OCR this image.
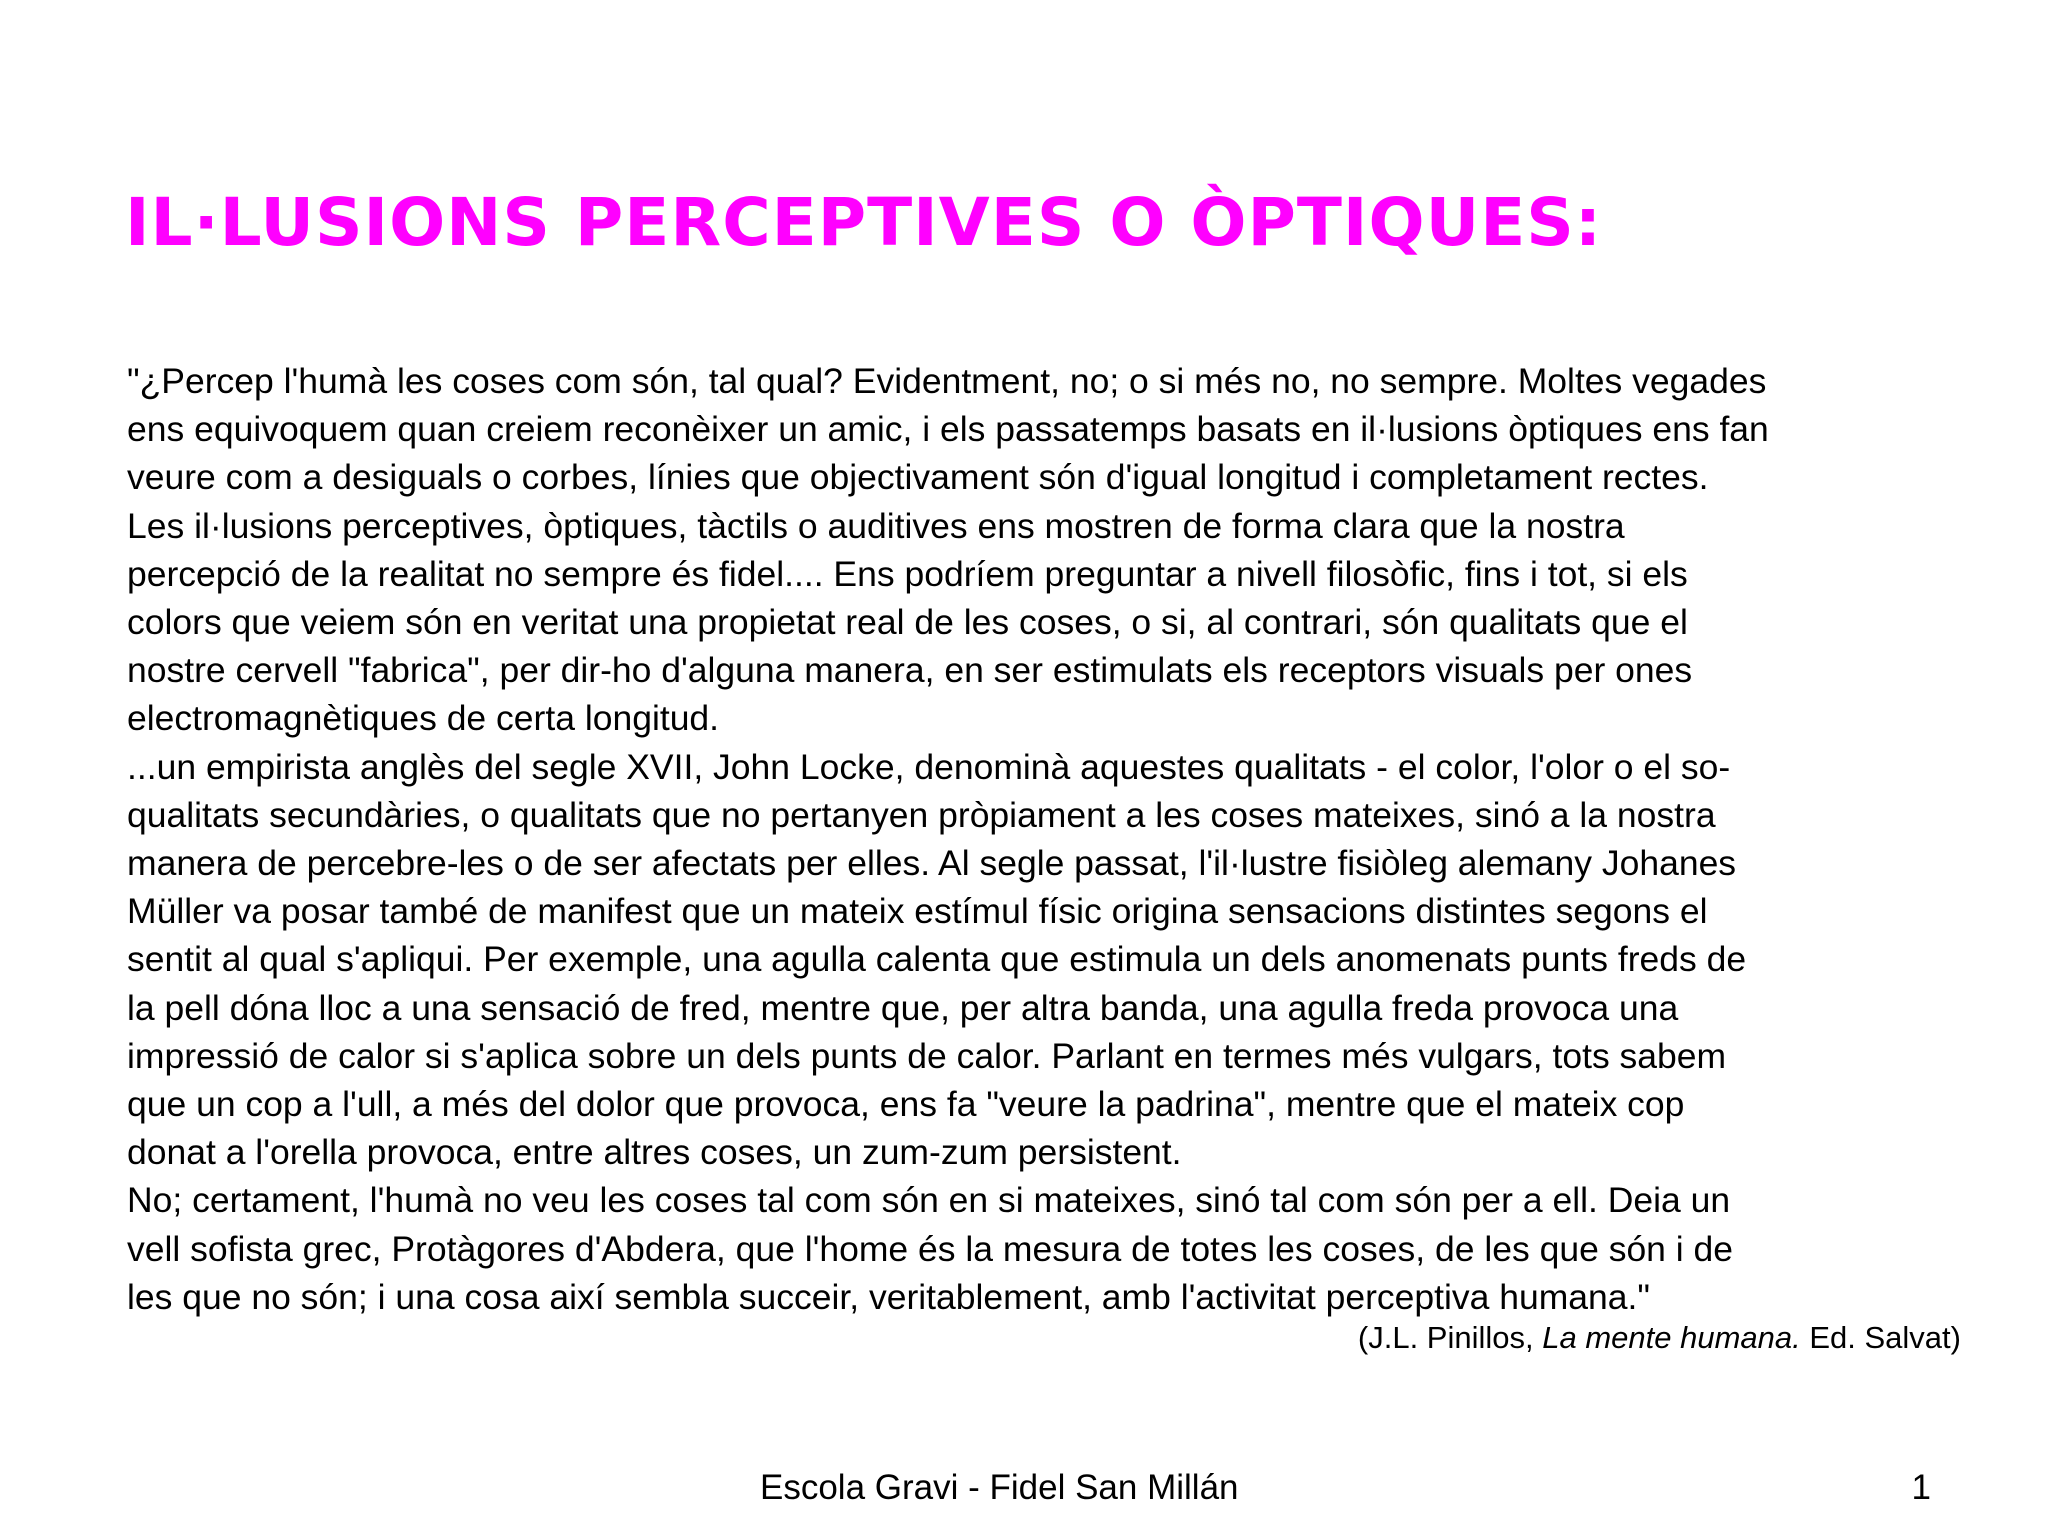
IL·LUSIONS PERCEPTIVES O ÒPTIQUES:
"¿Percep l'humà les coses com són, tal qual? Evidentment, no; o si més no, no sempre. Moltes vegades
ens equivoquem quan creiem reconèixer un amic, i els passatemps basats en il·lusions òptiques ens fan
veure com a desiguals o corbes, línies que objectivament són d'igual longitud i completament rectes.
Les il·lusions perceptives, òptiques, tàctils o auditives ens mostren de forma clara que la nostra
percepció de la realitat no sempre és fidel.... Ens podríem preguntar a nivell filosòfic, fins i tot, si els
colors que veiem són en veritat una propietat real de les coses, o si, al contrari, són qualitats que el
nostre cervell "fabrica", per dir-ho d'alguna manera, en ser estimulats els receptors visuals per ones
electromagnètiques de certa longitud.
...un empirista anglès del segle XVII, John Locke, denominà aquestes qualitats - el color, l'olor o el so-
qualitats secundàries, o qualitats que no pertanyen pròpiament a les coses mateixes, sinó a la nostra
manera de percebre-les o de ser afectats per elles. Al segle passat, l'il·lustre fisiòleg alemany Johanes
Müller va posar també de manifest que un mateix estímul físic origina sensacions distintes segons el
sentit al qual s'apliqui. Per exemple, una agulla calenta que estimula un dels anomenats punts freds de
la pell dóna lloc a una sensació de fred, mentre que, per altra banda, una agulla freda provoca una
impressió de calor si s'aplica sobre un dels punts de calor. Parlant en termes més vulgars, tots sabem
que un cop a l'ull, a més del dolor que provoca, ens fa "veure la padrina", mentre que el mateix cop
donat a l'orella provoca, entre altres coses, un zum-zum persistent.
No; certament, l'humà no veu les coses tal com són en si mateixes, sinó tal com són per a ell. Deia un
vell sofista grec, Protàgores d'Abdera, que l'home és la mesura de totes les coses, de les que són i de
les que no són; i una cosa així sembla succeir, veritablement, amb l'activitat perceptiva humana."
(J.L. Pinillos, La mente humana. Ed. Salvat)
Escola Gravi - Fidel San Millán	1
